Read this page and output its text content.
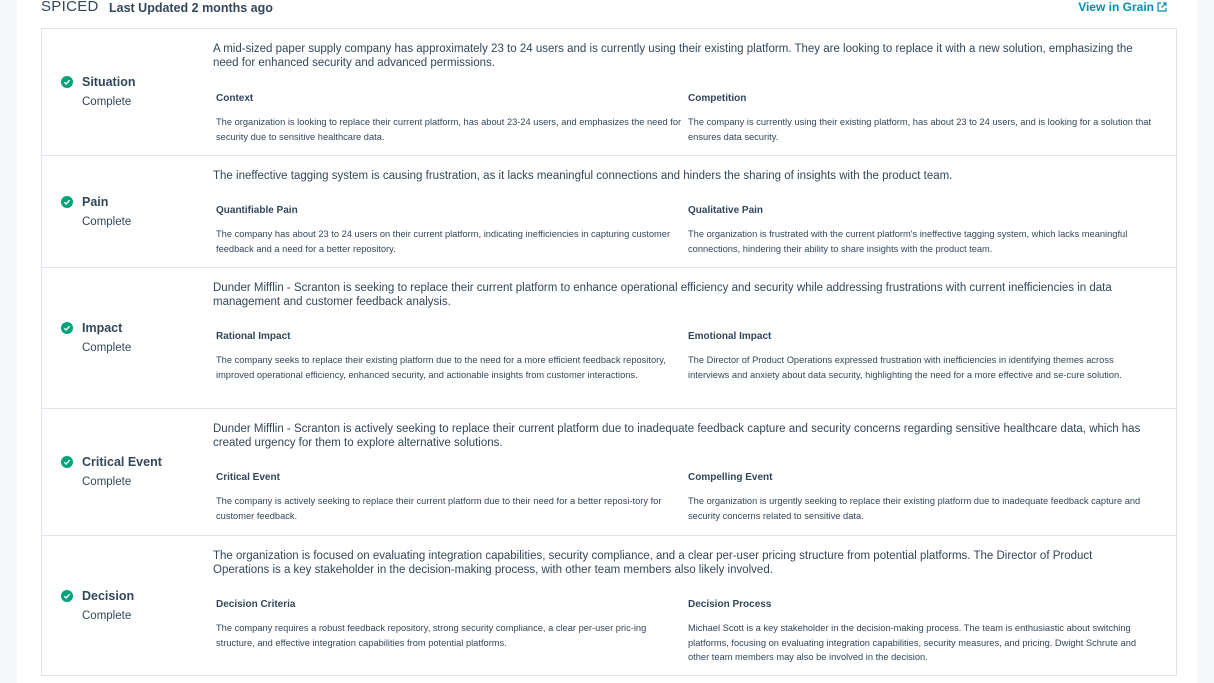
SPICED Last Updated 2 months ago	View in Grain
Situation
Complete
A mid-sized paper supply company has approximately 23 to 24 users and is currently using their existing platform. They are looking to replace it with a new solution, emphasizing the need for enhanced security and advanced permissions.
Context
The organization is looking to replace their current platform, has about 23-24 users, and emphasizes the need for security due to sensitive healthcare data.
Competition
The company is currently using their existing platform, has about 23 to 24 users, and is looking for a solution that ensures data security.
Pain
Complete
The ineffective tagging system is causing frustration, as it lacks meaningful connections and hinders the sharing of insights with the product team.
Quantifiable Pain
The company has about 23 to 24 users on their current platform, indicating inefficiencies in capturing customer feedback and a need for a better repository.
Qualitative Pain
The organization is frustrated with the current platform's ineffective tagging system, which lacks meaningful connections, hindering their ability to share insights with the product team.
Impact
Complete
Dunder Mifflin - Scranton is seeking to replace their current platform to enhance operational efficiency and security while addressing frustrations with current inefficiencies in data management and customer feedback analysis.
Rational Impact
The company seeks to replace their existing platform due to the need for a more efficient feedback repository, improved operational efficiency, enhanced security, and actionable insights from customer interactions.
Emotional Impact
The Director of Product Operations expressed frustration with inefficiencies in identifying themes across interviews and anxiety about data security, highlighting the need for a more effective and se-cure solution.
Critical Event
Complete
Dunder Mifflin - Scranton is actively seeking to replace their current platform due to inadequate feedback capture and security concerns regarding sensitive healthcare data, which has created urgency for them to explore alternative solutions.
Critical Event
The company is actively seeking to replace their current platform due to their need for a better reposi-tory for customer feedback.
Compelling Event
The organization is urgently seeking to replace their existing platform due to inadequate feedback capture and security concerns related to sensitive data.
Decision
Complete
The organization is focused on evaluating integration capabilities, security compliance, and a clear per-user pricing structure from potential platforms. The Director of Product Operations is a key stakeholder in the decision-making process, with other team members also likely involved.
Decision Criteria
The company requires a robust feedback repository, strong security compliance, a clear per-user pric-ing structure, and effective integration capabilities from potential platforms.
Decision Process
Michael Scott is a key stakeholder in the decision-making process. The team is enthusiastic about switching platforms, focusing on evaluating integration capabilities, security measures, and pricing. Dwight Schrute and other team members may also be involved in the decision.
